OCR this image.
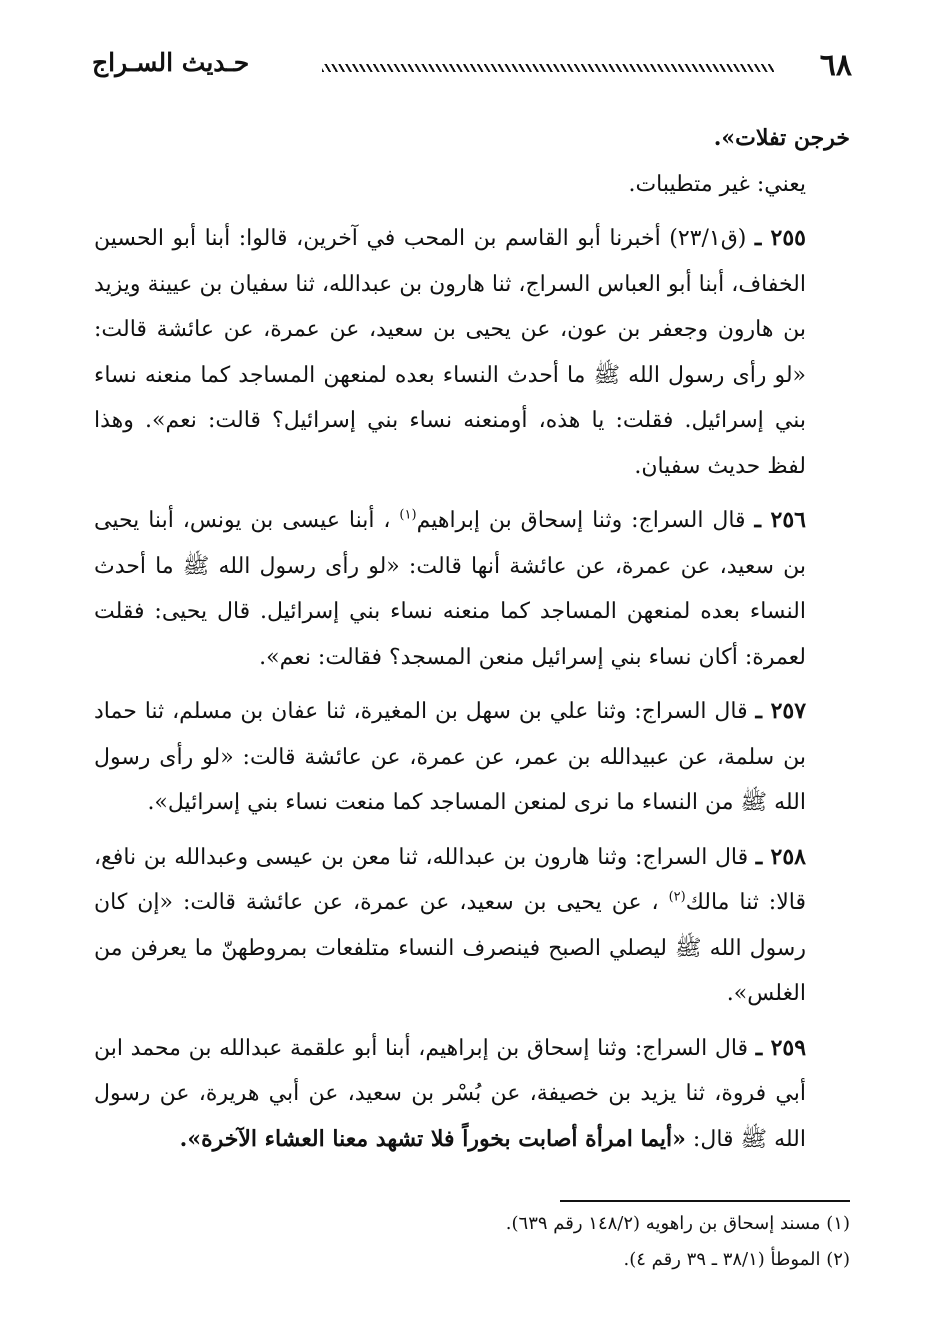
٦٨
حـديث السـراج

خرجن تفلات».

يعني: غير متطيبات.

٢٥٥ ـ (ق٢٣/١) أخبرنا أبو القاسم بن المحب في آخرين، قالوا: أبنا أبو الحسين الخفاف، أبنا أبو العباس السراج، ثنا هارون بن عبدالله، ثنا سفيان بن عيينة ويزيد بن هارون وجعفر بن عون، عن يحيى بن سعيد، عن عمرة، عن عائشة قالت: «لو رأى رسول الله ﷺ ما أحدث النساء بعده لمنعهن المساجد كما منعنه نساء بني إسرائيل. فقلت: يا هذه، أومنعنه نساء بني إسرائيل؟ قالت: نعم». وهذا لفظ حديث سفيان.

٢٥٦ ـ قال السراج: وثنا إسحاق بن إبراهيم$^{(١)}$ ، أبنا عيسى بن يونس، أبنا يحيى بن سعيد، عن عمرة، عن عائشة أنها قالت: «لو رأى رسول الله ﷺ ما أحدث النساء بعده لمنعهن المساجد كما منعنه نساء بني إسرائيل. قال يحيى: فقلت لعمرة: أكان نساء بني إسرائيل منعن المسجد؟ فقالت: نعم».

٢٥٧ ـ قال السراج: وثنا علي بن سهل بن المغيرة، ثنا عفان بن مسلم، ثنا حماد بن سلمة، عن عبيدالله بن عمر، عن عمرة، عن عائشة قالت: «لو رأى رسول الله ﷺ من النساء ما نرى لمنعن المساجد كما منعت نساء بني إسرائيل».

٢٥٨ ـ قال السراج: وثنا هارون بن عبدالله، ثنا معن بن عيسى وعبدالله بن نافع، قالا: ثنا مالك$^{(٢)}$ ، عن يحيى بن سعيد، عن عمرة، عن عائشة قالت: «إن كان رسول الله ﷺ ليصلي الصبح فينصرف النساء متلفعات بمروطهنّ ما يعرفن من الغلس».

٢٥٩ ـ قال السراج: وثنا إسحاق بن إبراهيم، أبنا أبو علقمة عبدالله بن محمد ابن أبي فروة، ثنا يزيد بن خصيفة، عن بُسْر بن سعيد، عن أبي هريرة، عن رسول الله ﷺ قال: «أيما امرأة أصابت بخوراً فلا تشهد معنا العشاء الآخرة».

(١) مسند إسحاق بن راهويه (١٤٨/٢ رقم ٦٣٩).

(٢) الموطأ (٣٨/١ ـ ٣٩ رقم ٤).
